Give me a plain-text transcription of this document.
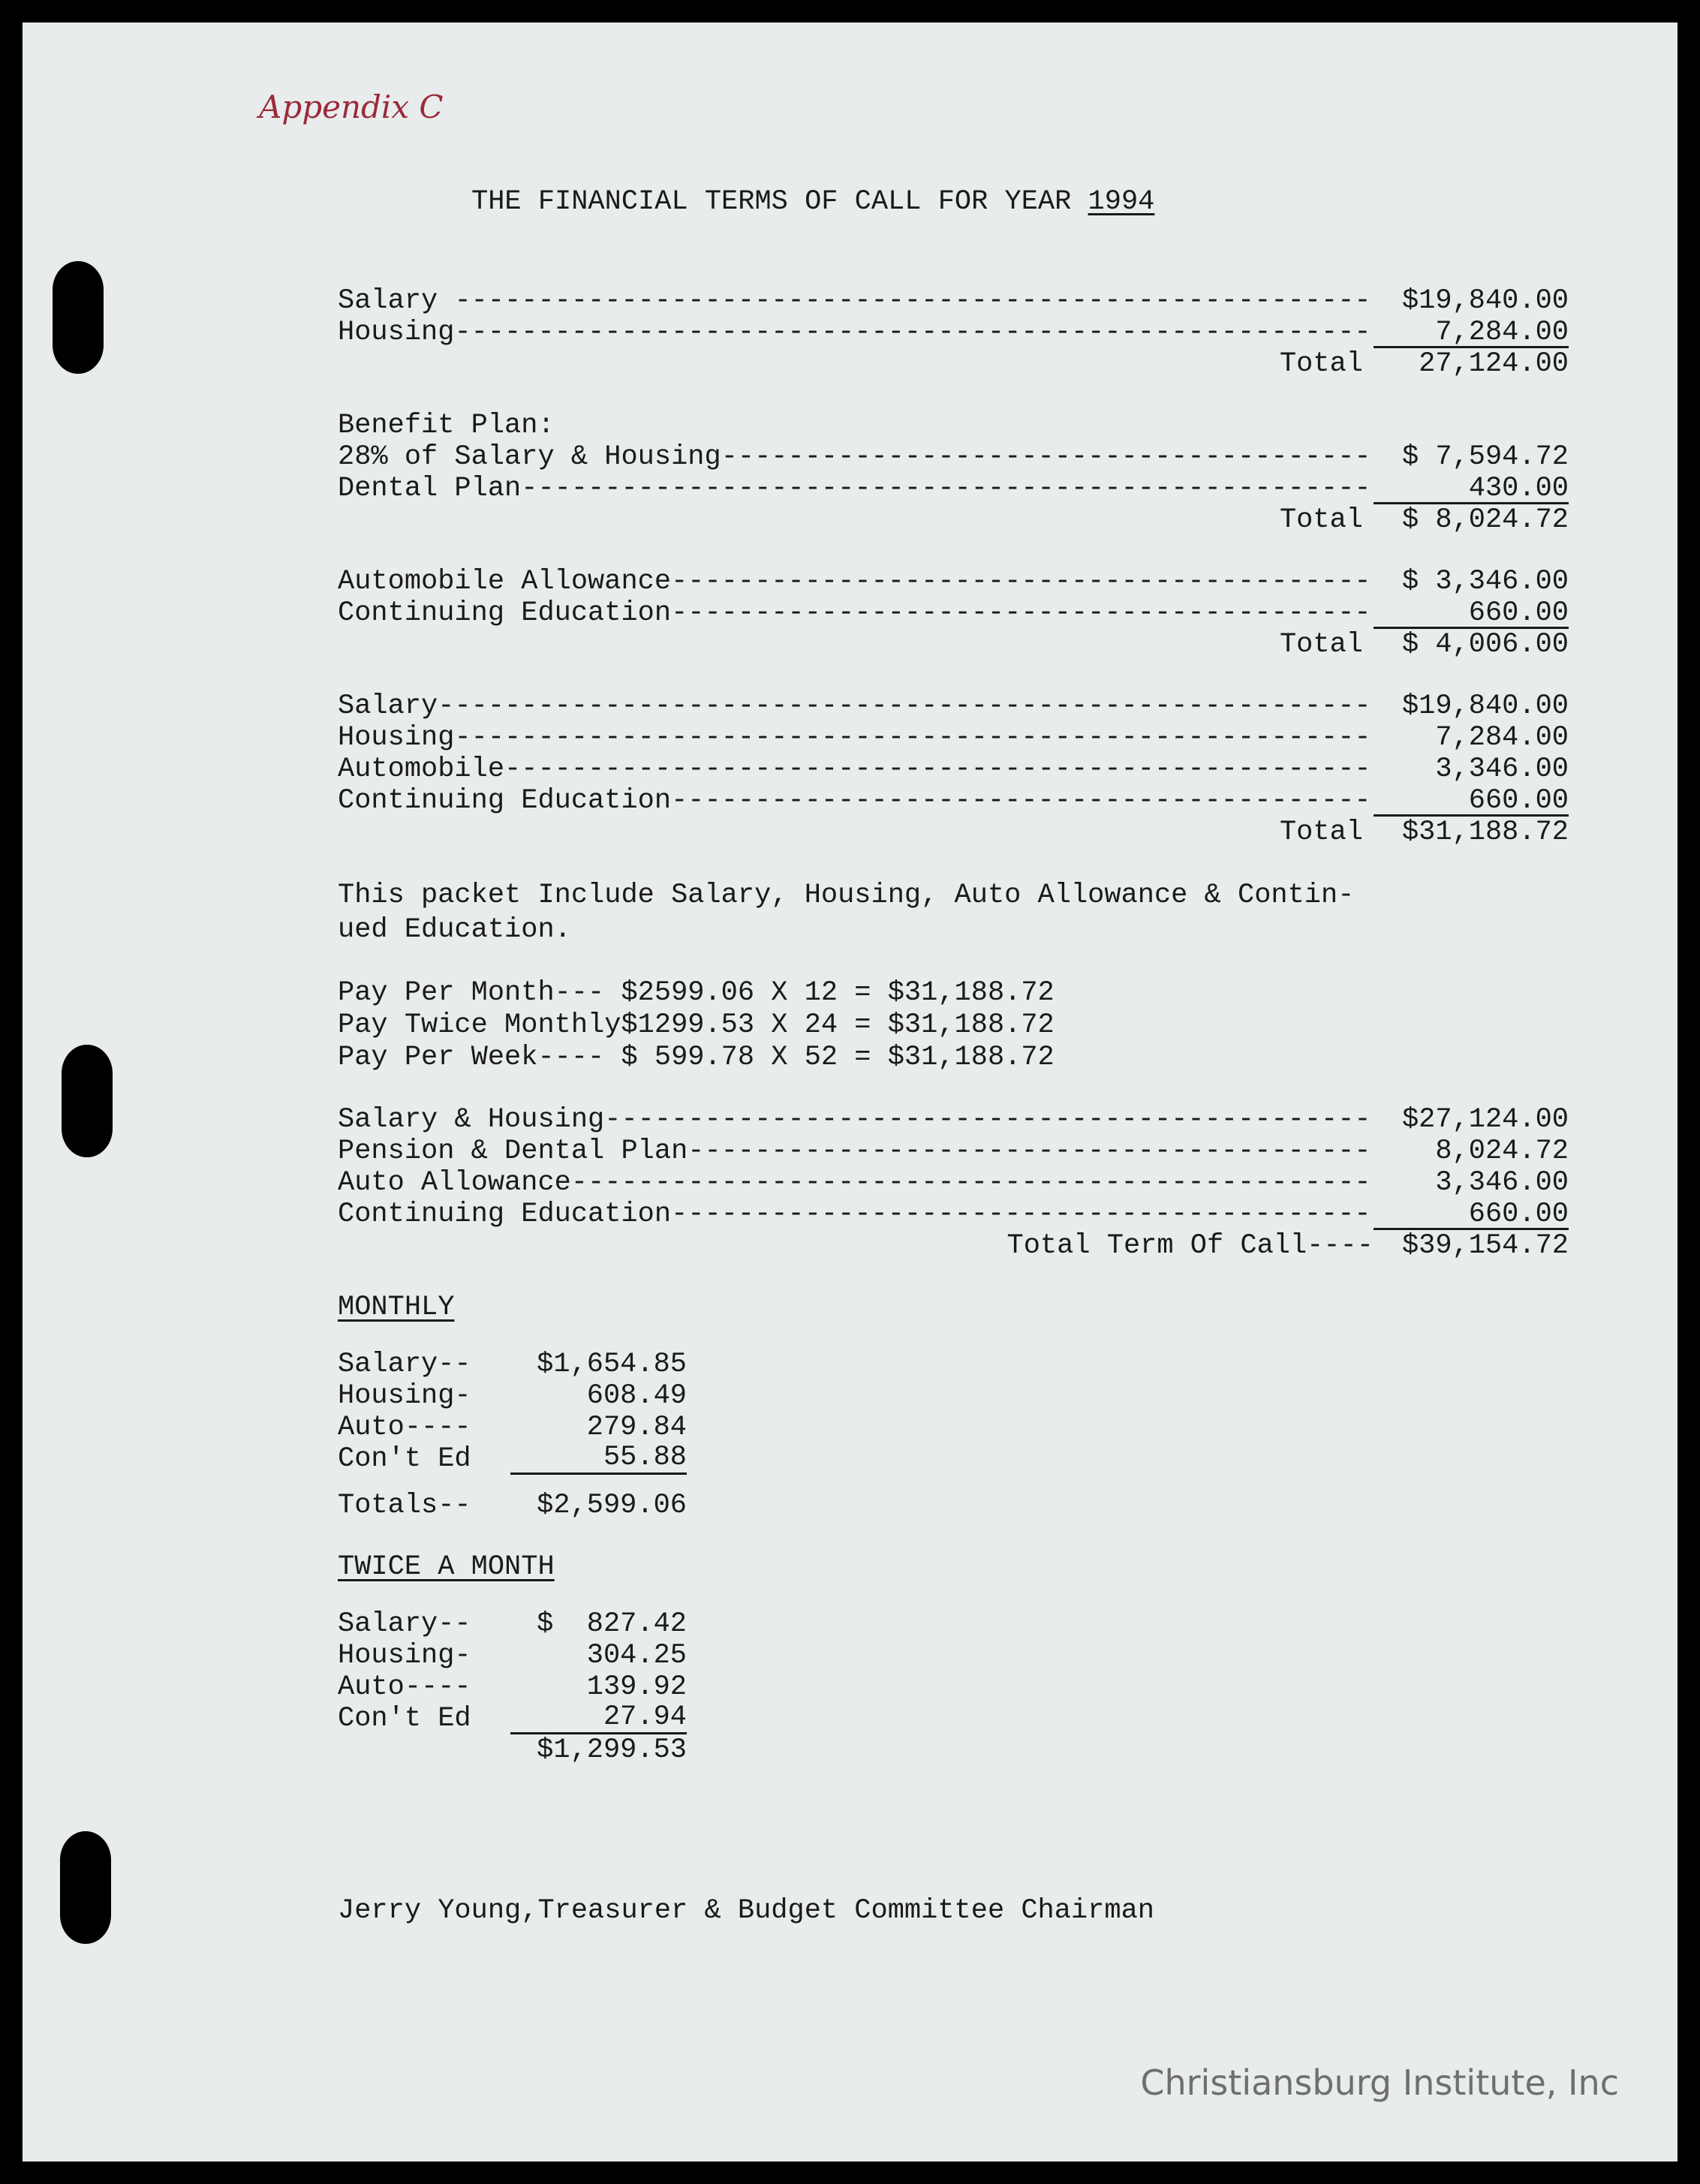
Appendix C
THE FINANCIAL TERMS OF CALL FOR YEAR 1994
Salary -----	$19,840.00
Housing -----	7,284.00
Total	27,124.00
Benefit Plan:
28% of Salary & Housing -----	$ 7,594.72
Dental Plan -----	430.00
Total	$ 8,024.72
Automobile Allowance -----	$ 3,346.00
Continuing Education -----	660.00
Total	$ 4,006.00
Salary -----	$19,840.00
Housing -----	7,284.00
Automobile -----	3,346.00
Continuing Education -----	660.00
Total	$31,188.72
This packet Include Salary, Housing, Auto Allowance & Contin-
ued Education.
Pay Per Month--- $2599.06 X 12 = $31,188.72
Pay Twice Monthly$1299.53 X 24 = $31,188.72
Pay Per Week---- $ 599.78 X 52 = $31,188.72
Salary & Housing -----	$27,124.00
Pension & Dental Plan -----	8,024.72
Auto Allowance -----	3,346.00
Continuing Education -----	660.00
Total Term Of Call----	$39,154.72
MONTHLY
Salary--	$1,654.85
Housing-	608.49
Auto----	279.84
Con't Ed	55.88
Totals--	$2,599.06
TWICE A MONTH
Salary--	$  827.42
Housing-	304.25
Auto----	139.92
Con't Ed	27.94
$1,299.53
Jerry Young,Treasurer & Budget Committee Chairman
Christiansburg Institute, Inc
